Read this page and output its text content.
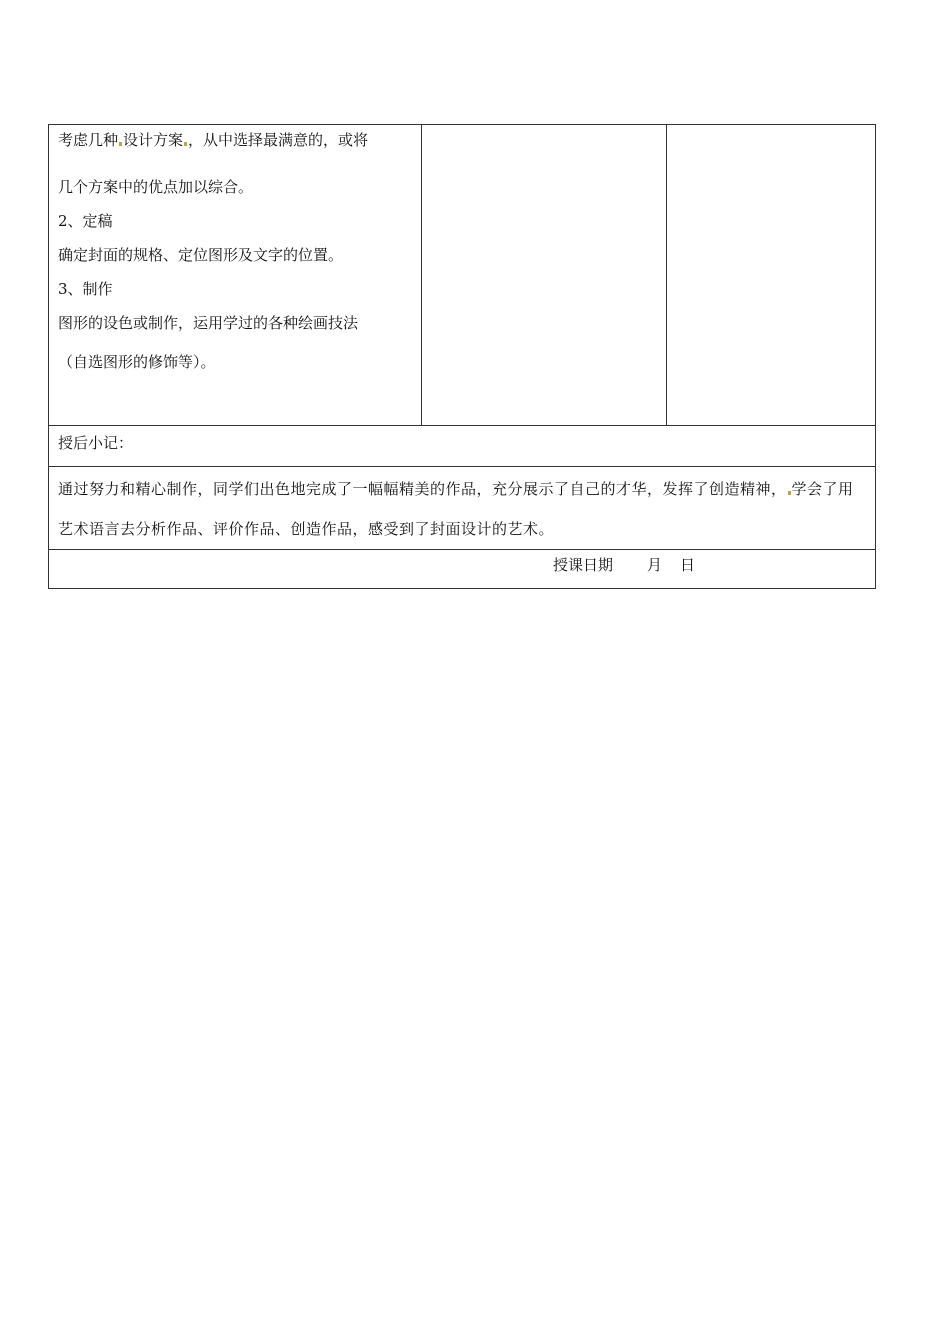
考虑几种 设计方案 ，从中选择最满意的，或将
几个方案中的优点加以综合。
2、定稿
确定封面的规格、定位图形及文字的位置。
3、制作
图形的设色或制作，运用学过的各种绘画技法
（自选图形的修饰等）。

授后小记：
通过努力和精心制作，同学们出色地完成了一幅幅精美的作品，充分展示了自己的才华，发挥了创造精神， 学会了用艺术语言去分析作品、评价作品、创造作品，感受到了封面设计的艺术。
授课日期 月 日
